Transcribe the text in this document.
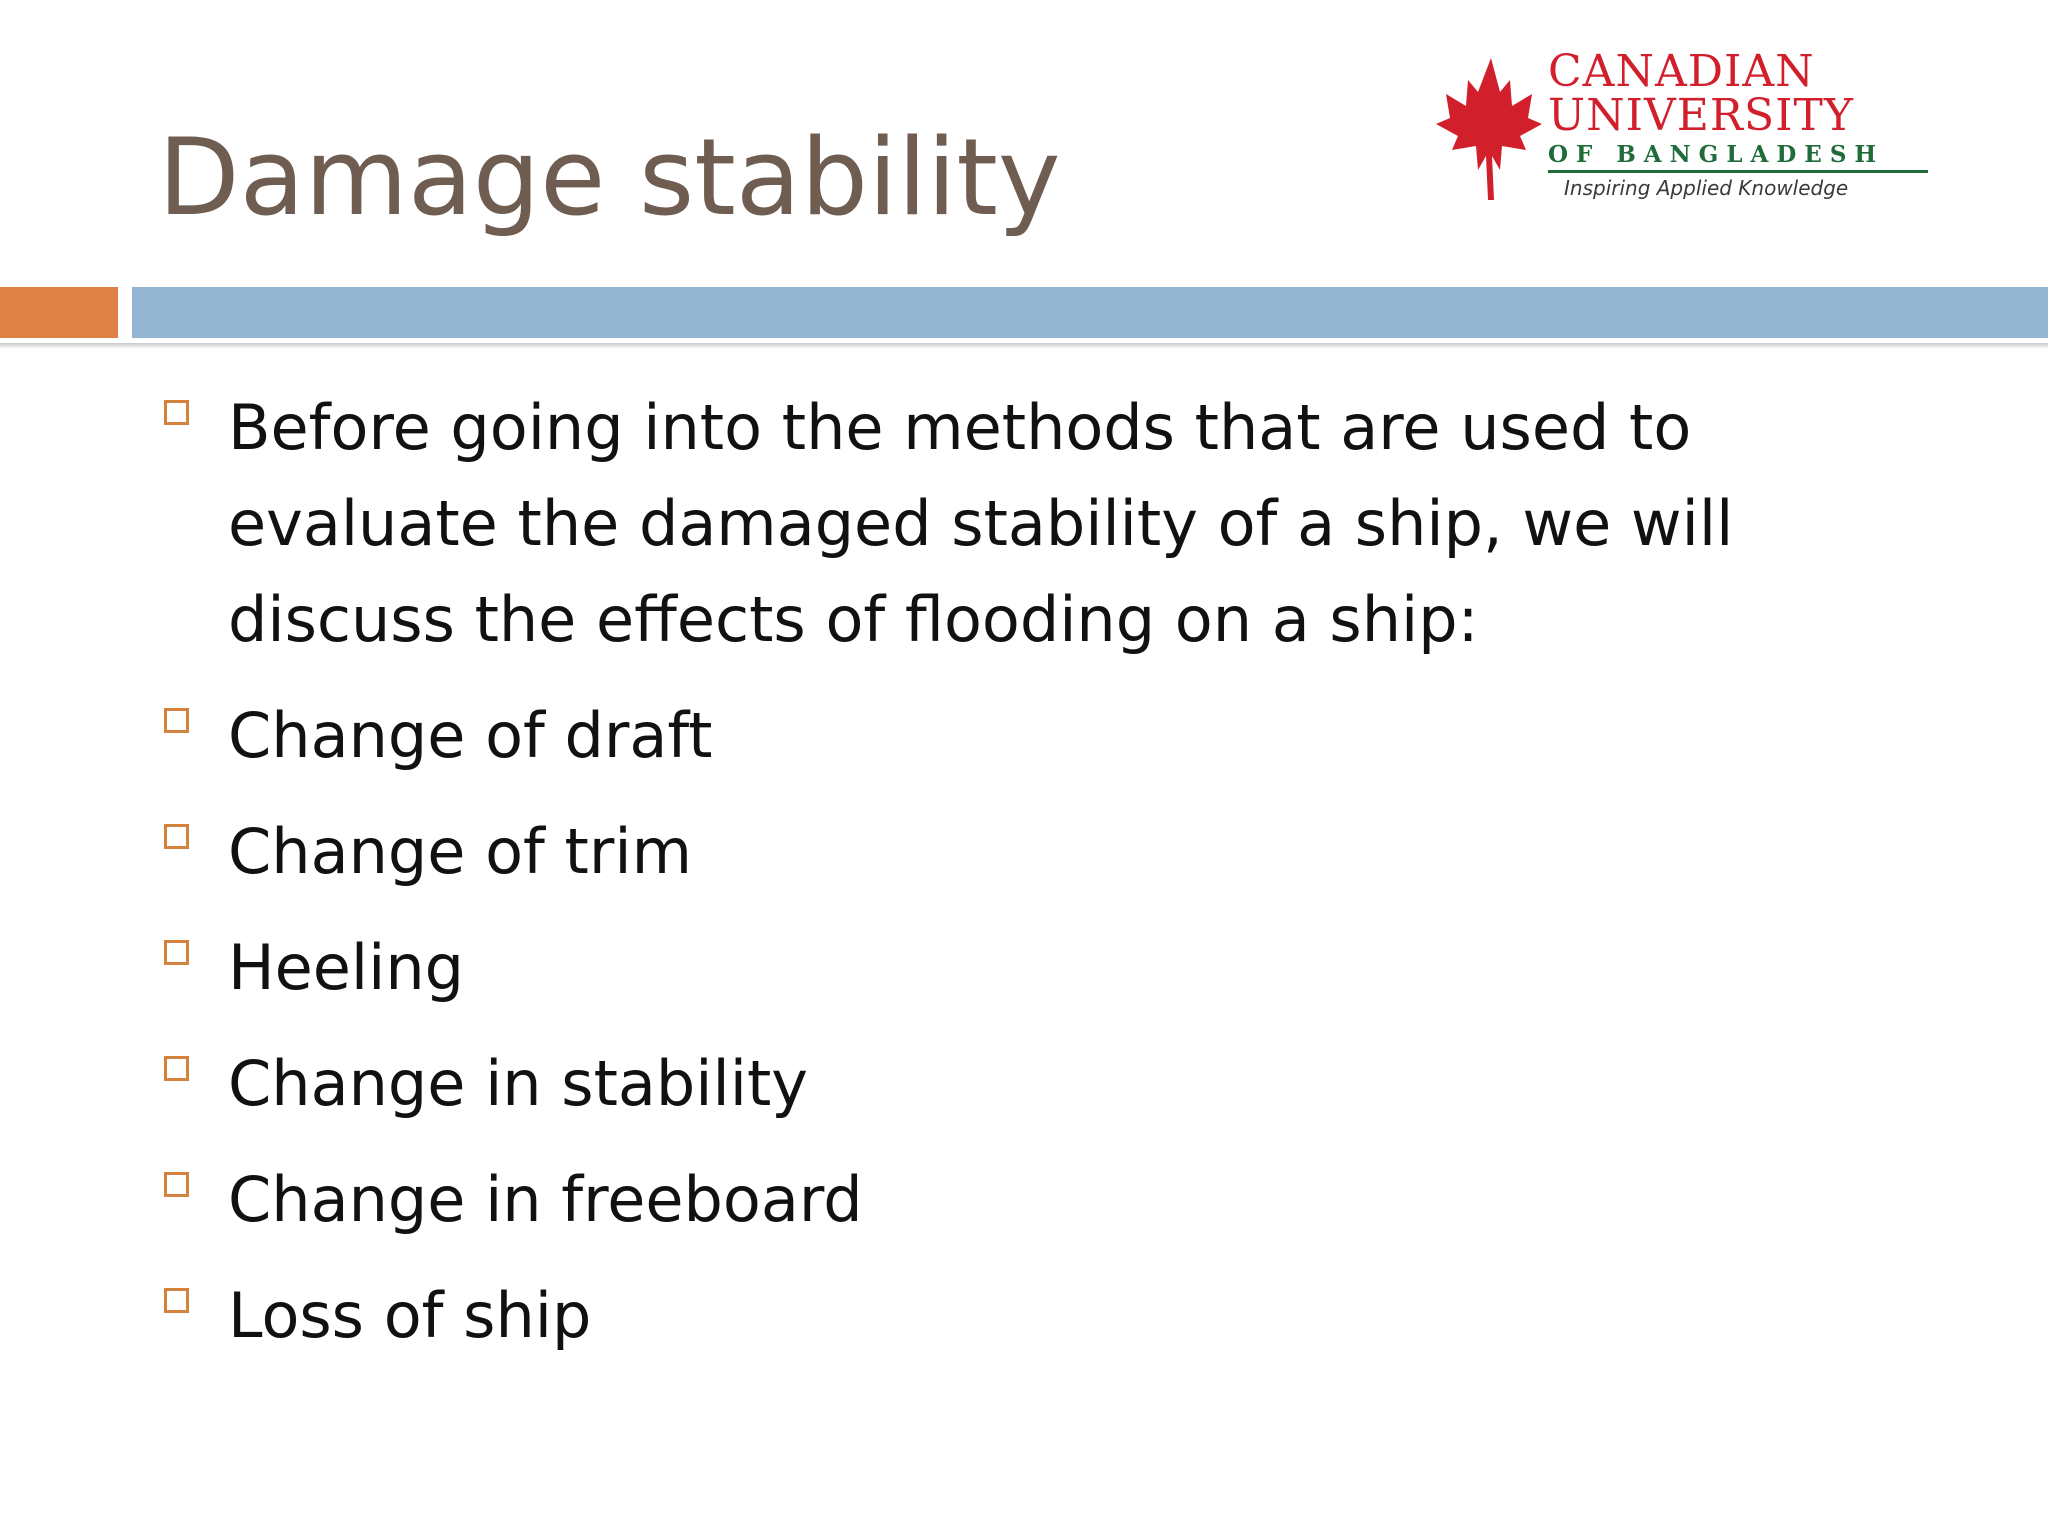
Damage stability
CANADIAN
UNIVERSITY
OF BANGLADESH
Inspiring Applied Knowledge
Before going into the methods that are used to evaluate the damaged stability of a ship, we will discuss the effects of flooding on a ship:
Change of draft
Change of trim
Heeling
Change in stability
Change in freeboard
Loss of ship
